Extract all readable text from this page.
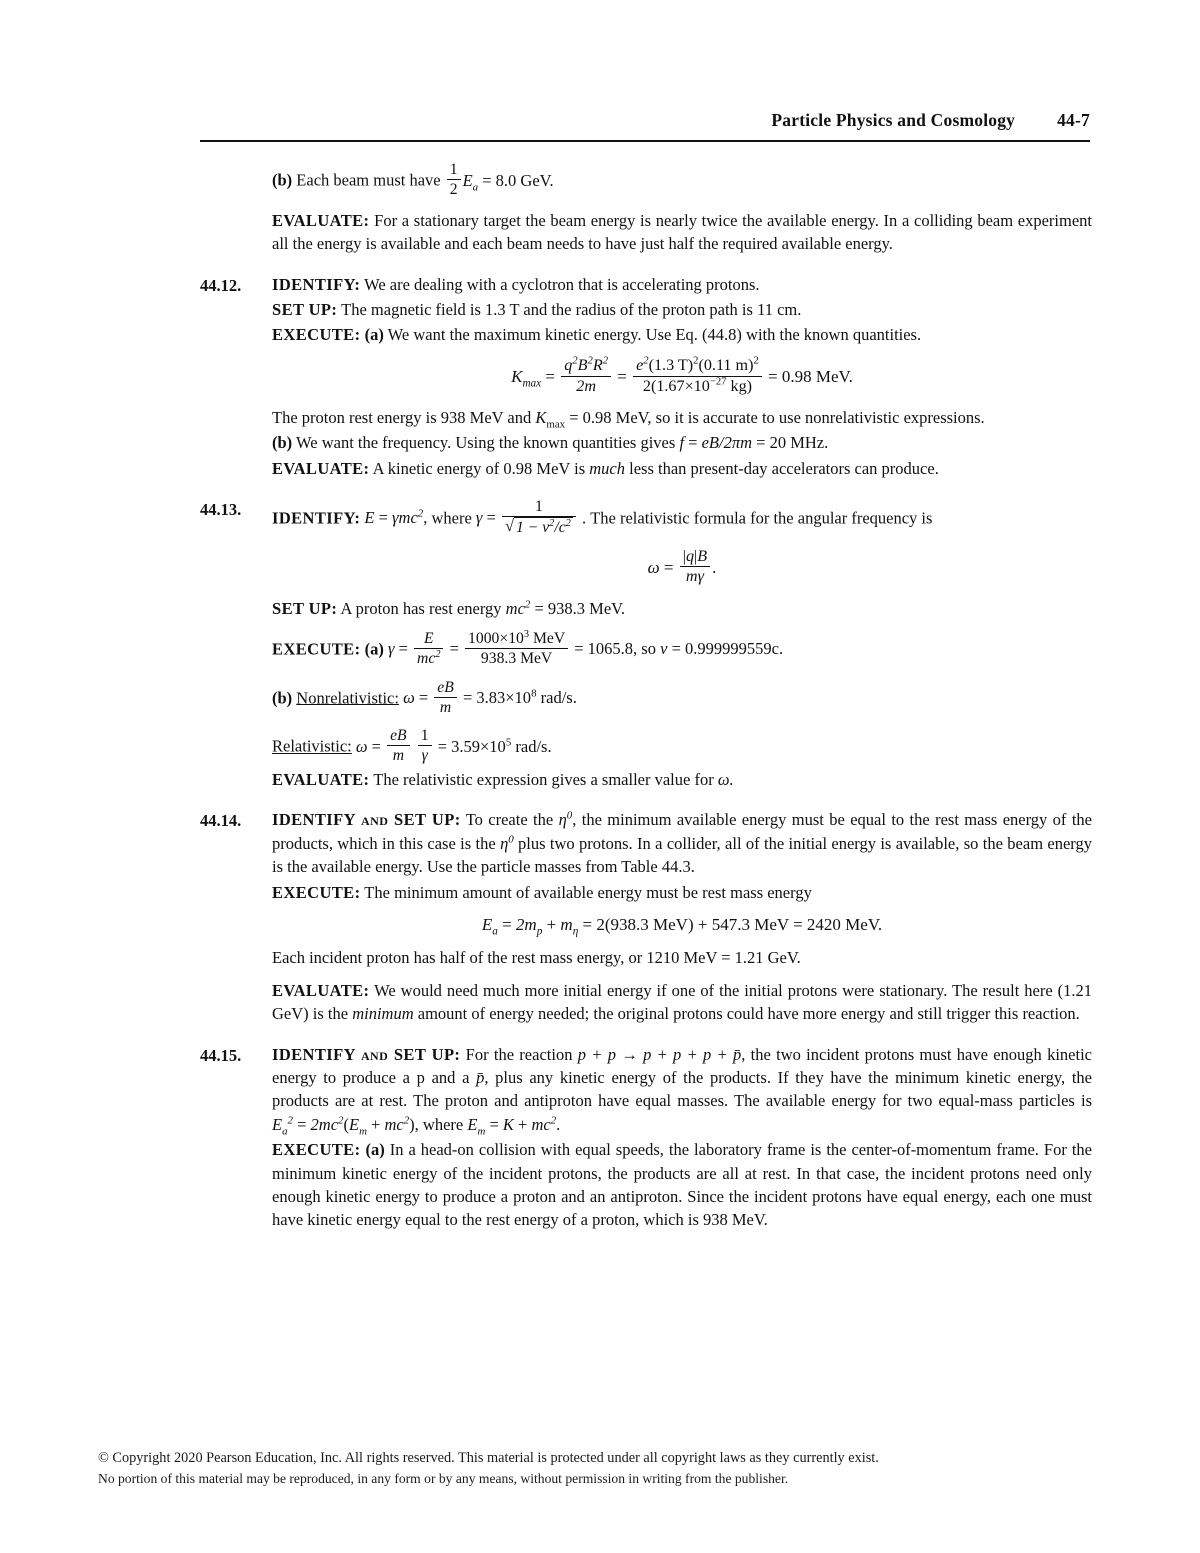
Particle Physics and Cosmology 44-7

(b) Each beam must have $\frac{1}{2} E_a = 8.0$ GeV.

EVALUATE: For a stationary target the beam energy is nearly twice the available energy. In a colliding beam experiment all the energy is available and each beam needs to have just half the required available energy.

44.12.	IDENTIFY: We are dealing with a cyclotron that is accelerating protons.

SET UP: The magnetic field is 1.3 T and the radius of the proton path is 11 cm.

EXECUTE: (a) We want the maximum kinetic energy. Use Eq. (44.8) with the known quantities.

$K_{max} = \frac{q^2B^2R^2}{2m} = \frac{e^2(1.3 T)^2(0.11 m)^2}{2(1.67\times 10^{-27} kg)} = 0.98$ MeV.

The proton rest energy is 938 MeV and $K_{max} = 0.98$ MeV, so it is accurate to use nonrelativistic expressions.

(b) We want the frequency. Using the known quantities gives f = eB/2πm = 20 MHz.

EVALUATE: A kinetic energy of 0.98 MeV is much less than present-day accelerators can produce.

44.13.	IDENTIFY: E = γmc$^2$, where γ = 1
√ $1 - v^2/c^2$ . The relativistic formula for the angular frequency is

$\omega = \frac{|q|B}{m\gamma}$ .

SET UP: A proton has rest energy $mc^2 = 938.3$ MeV.

EXECUTE: (a) $\gamma = \frac{E}{mc^2} = \frac{1000\times 10^3 MeV}{\text{938.3 MeV}} = 1065.8$, so v = 0.999999559c.

(b) Nonrelativistic: $\omega = \frac{eB}{m} = 3.83\times 10^8$ rad/s.

Relativistic: $\omega = \frac{eB}{m}$
$\frac{1}{\gamma} = 3.59\times 10^5$ rad/s.

EVALUATE: The relativistic expression gives a smaller value for ω.

44.14.	IDENTIFY and SET UP: To create the $\eta^0$, the minimum available energy must be equal to the rest mass energy of the products, which in this case is the $\eta^0$ plus two protons. In a collider, all of the initial energy is available, so the beam energy is the available energy. Use the particle masses from Table 44.3.

EXECUTE: The minimum amount of available energy must be rest mass energy

$E_a = 2m_p + m_\eta = 2(938.3$ MeV) + 547.3 MeV = 2420 MeV.

Each incident proton has half of the rest mass energy, or 1210 MeV = 1.21 GeV.

EVALUATE: We would need much more initial energy if one of the initial protons were stationary. The result here (1.21 GeV) is the minimum amount of energy needed; the original protons could have more energy and still trigger this reaction.

44.15.	IDENTIFY and SET UP: For the reaction p + p → p + p + p + p̄, the two incident protons must have enough kinetic energy to produce a p and a p̄, plus any kinetic energy of the products. If they have the minimum kinetic energy, the products are at rest. The proton and antiproton have equal masses. The available energy for two equal-mass particles is $E_a^2 = 2mc^2(E_m + mc^2)$, where $E_m = K + mc^2$.

EXECUTE: (a) In a head-on collision with equal speeds, the laboratory frame is the center-of-momentum frame. For the minimum kinetic energy of the incident protons, the products are all at rest. In that case, the incident protons need only enough kinetic energy to produce a proton and an antiproton. Since the incident protons have equal energy, each one must have kinetic energy equal to the rest energy of a proton, which is 938 MeV.

© Copyright 2020 Pearson Education, Inc. All rights reserved. This material is protected under all copyright laws as they currently exist.
No portion of this material may be reproduced, in any form or by any means, without permission in writing from the publisher.
